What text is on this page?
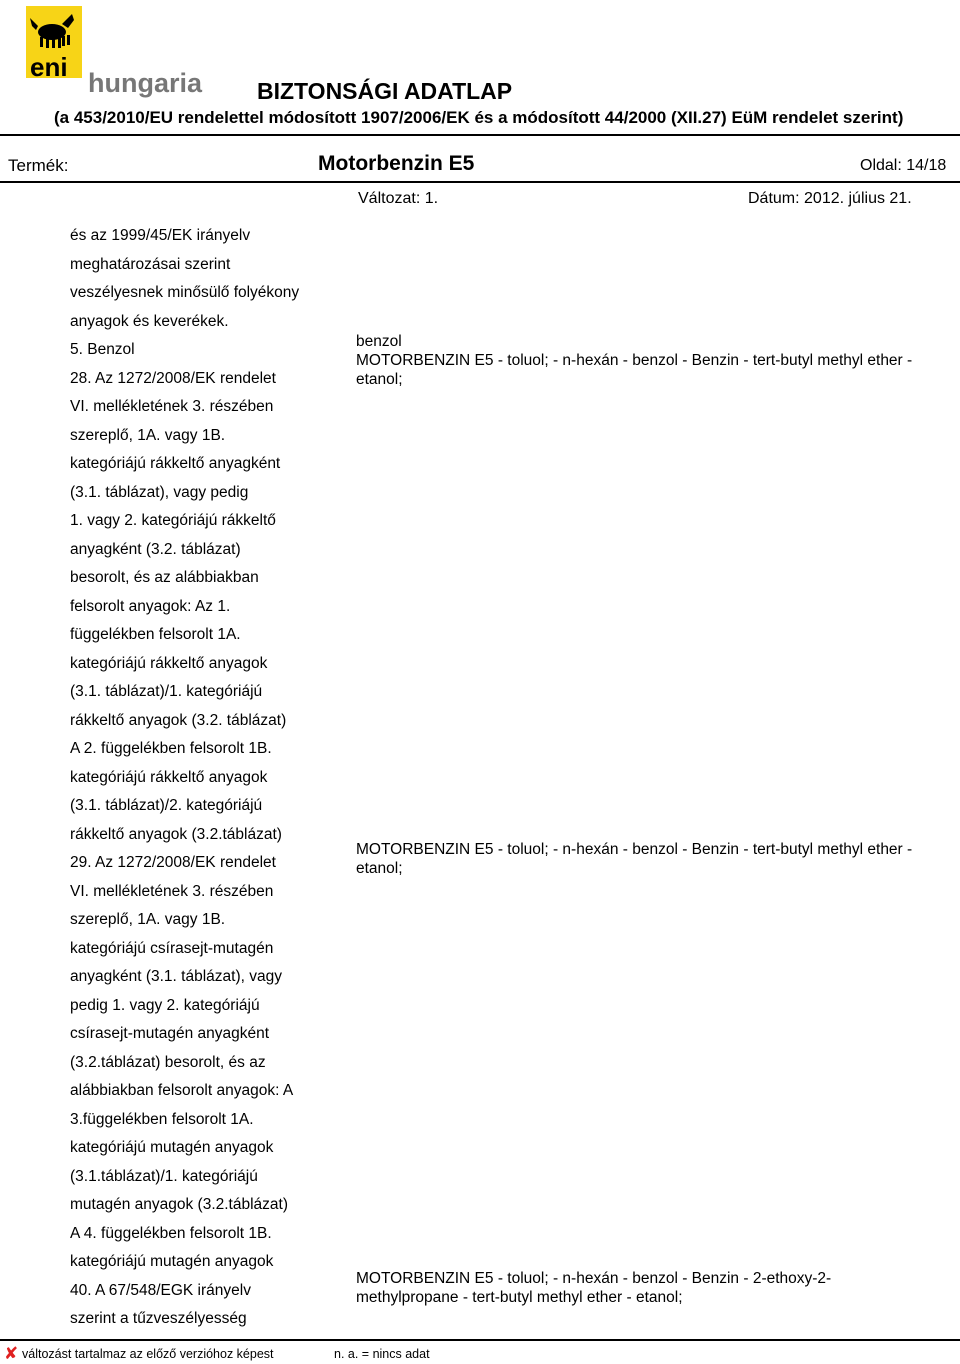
eni
hungaria BIZTONSÁGI ADATLAP
(a 453/2010/EU rendelettel módosított 1907/2006/EK és a módosított 44/2000 (XII.27) EüM rendelet szerint)
Termék:	Motorbenzin E5	Oldal: 14/18
Változat: 1.	Dátum: 2012. július 21.
és az 1999/45/EK irányelv
meghatározásai szerint
veszélyesnek minősülő folyékony
anyagok és keverékek.
5. Benzol
28. Az 1272/2008/EK rendelet
VI. mellékletének 3. részében
szereplő, 1A. vagy 1B.
kategóriájú rákkeltő anyagként
(3.1. táblázat), vagy pedig
1. vagy 2. kategóriájú rákkeltő
anyagként (3.2. táblázat)
besorolt, és az alábbiakban
felsorolt anyagok: Az 1.
függelékben felsorolt 1A.
kategóriájú rákkeltő anyagok
(3.1. táblázat)/1. kategóriájú
rákkeltő anyagok (3.2. táblázat)
A 2. függelékben felsorolt 1B.
kategóriájú rákkeltő anyagok
(3.1. táblázat)/2. kategóriájú
rákkeltő anyagok (3.2.táblázat)
29. Az 1272/2008/EK rendelet
VI. mellékletének 3. részében
szereplő, 1A. vagy 1B.
kategóriájú csírasejt-mutagén
anyagként (3.1. táblázat), vagy
pedig 1. vagy 2. kategóriájú
csírasejt-mutagén anyagként
(3.2.táblázat) besorolt, és az
alábbiakban felsorolt anyagok: A
3.függelékben felsorolt 1A.
kategóriájú mutagén anyagok
(3.1.táblázat)/1. kategóriájú
mutagén anyagok (3.2.táblázat)
A 4. függelékben felsorolt 1B.
kategóriájú mutagén anyagok
40. A 67/548/EGK irányelv
szerint a tűzveszélyesség
benzol
MOTORBENZIN E5 - toluol; - n-hexán - benzol - Benzin - tert-butyl methyl ether - etanol;
MOTORBENZIN E5 - toluol; - n-hexán - benzol - Benzin - tert-butyl methyl ether - etanol;
MOTORBENZIN E5 - toluol; - n-hexán - benzol - Benzin - 2-ethoxy-2-methylpropane - tert-butyl methyl ether - etanol;
✘ változást tartalmaz az előző verzióhoz képest	n. a. = nincs adat
